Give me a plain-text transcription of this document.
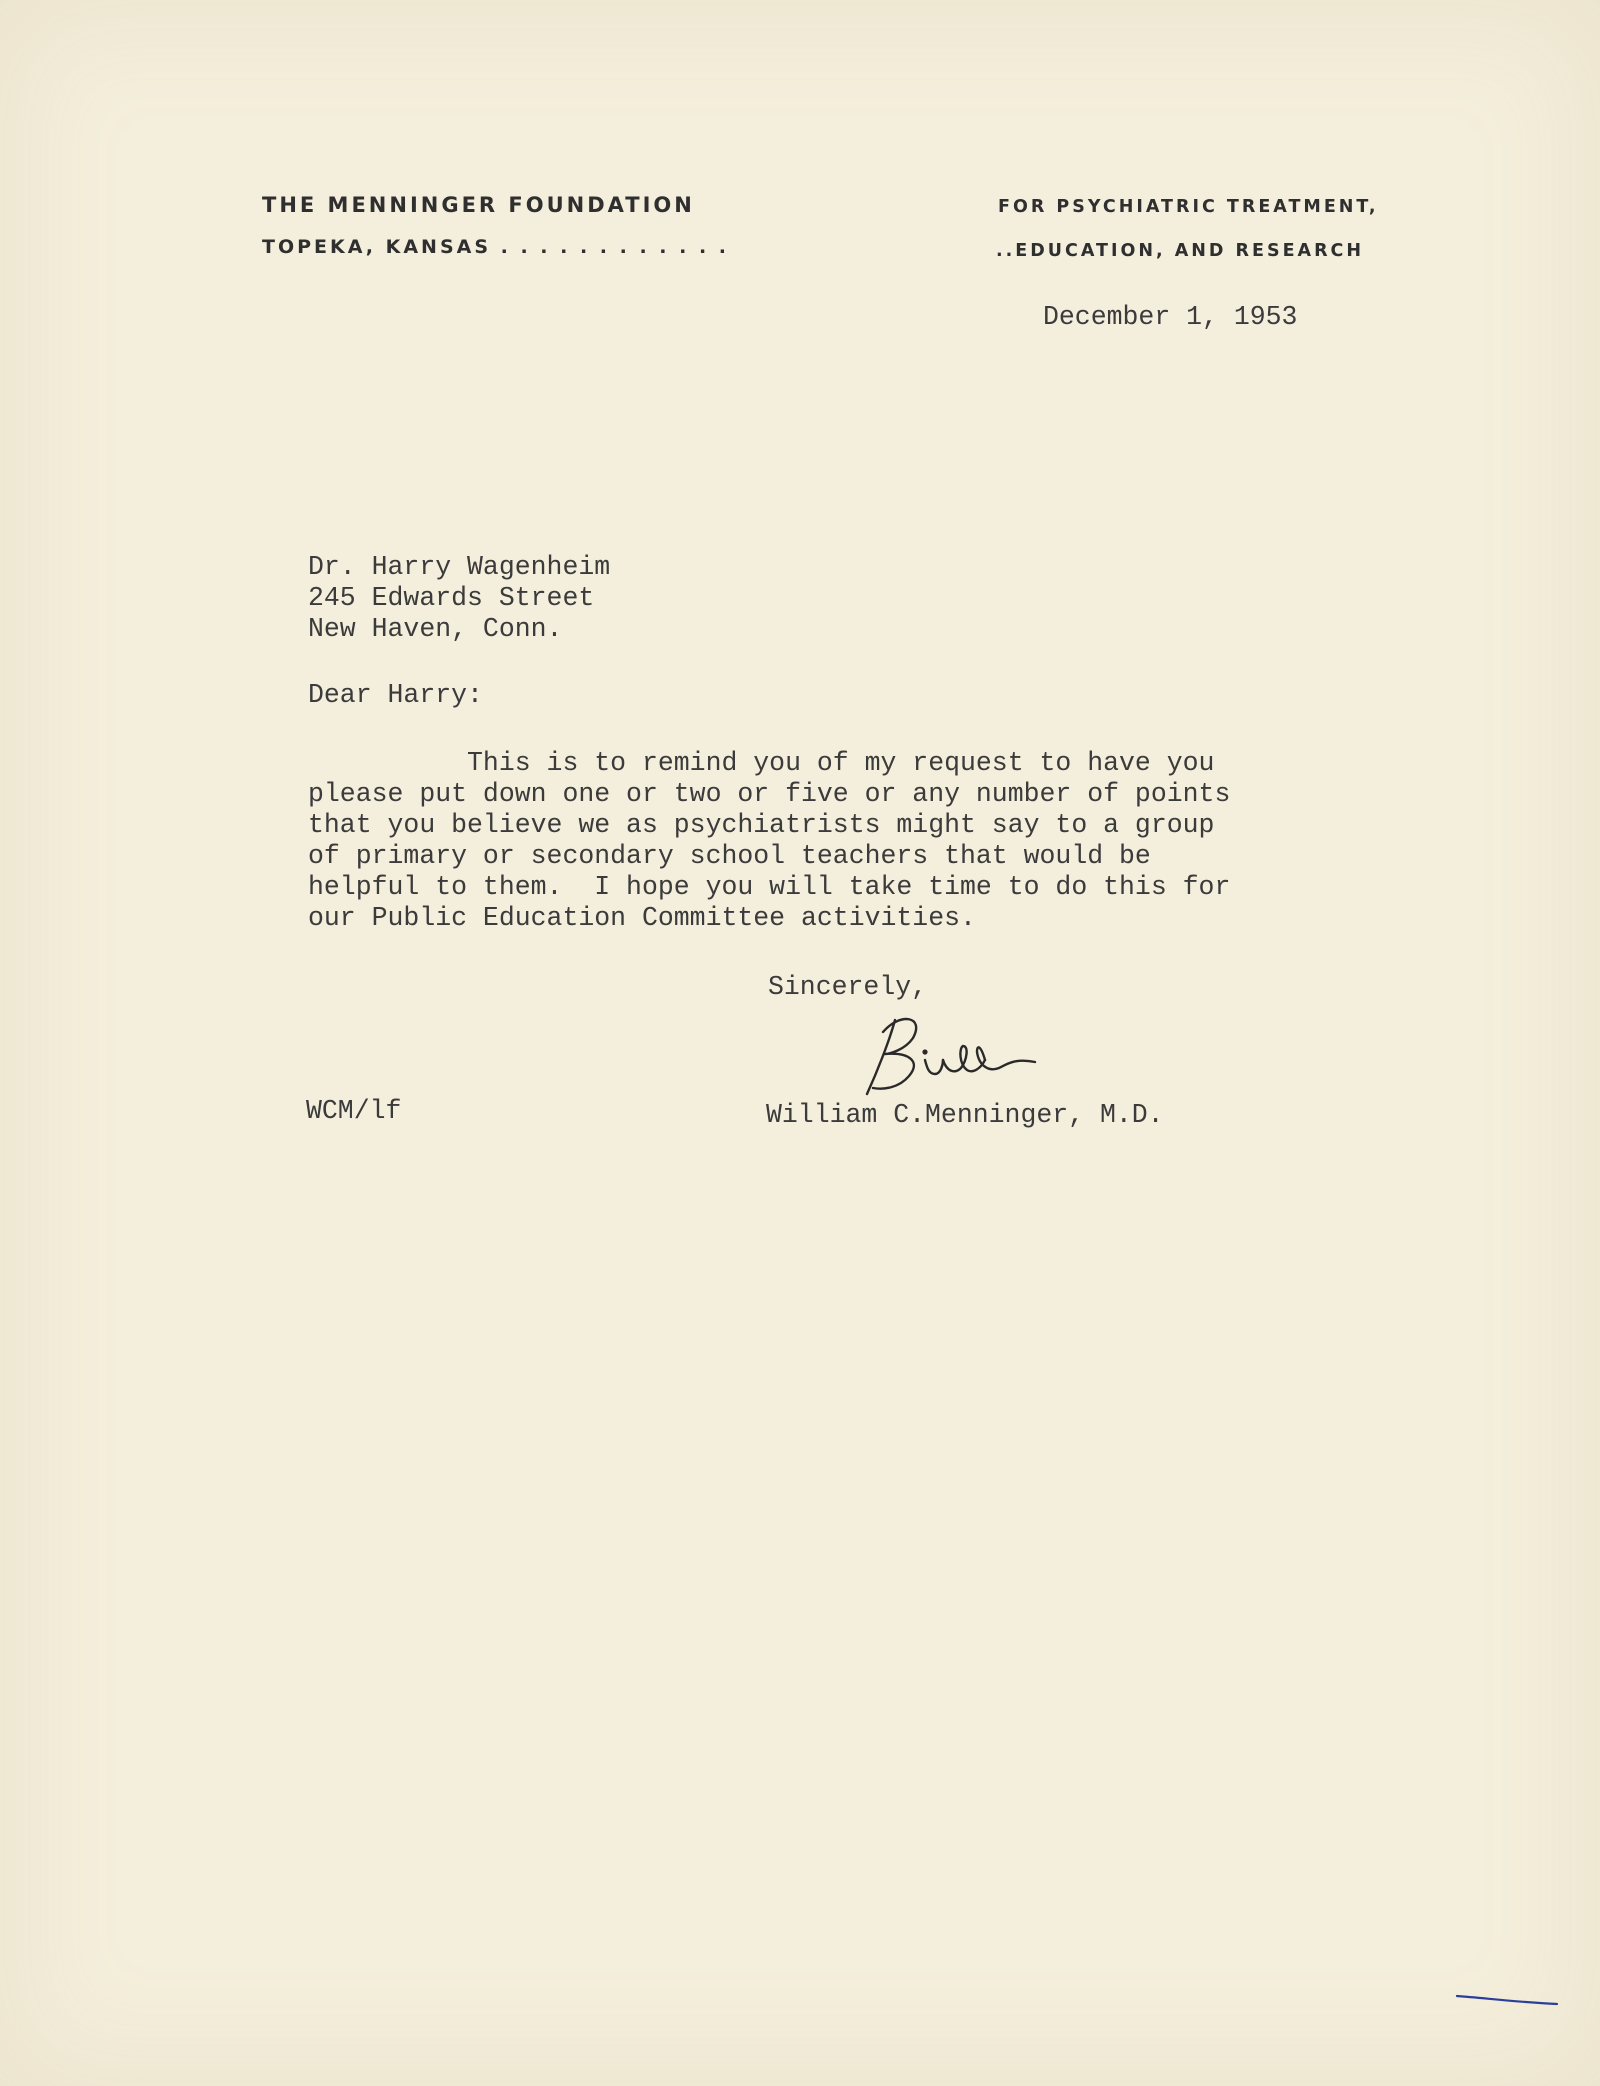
THE MENNINGER FOUNDATION
TOPEKA, KANSAS . . . . . . . . . . . .
FOR PSYCHIATRIC TREATMENT,
..EDUCATION, AND RESEARCH
December 1, 1953
Dr. Harry Wagenheim
245 Edwards Street
New Haven, Conn.
Dear Harry:
This is to remind you of my request to have you
please put down one or two or five or any number of points
that you believe we as psychiatrists might say to a group
of primary or secondary school teachers that would be
helpful to them.  I hope you will take time to do this for
our Public Education Committee activities.
Sincerely,
WCM/lf	William C.Menninger, M.D.
